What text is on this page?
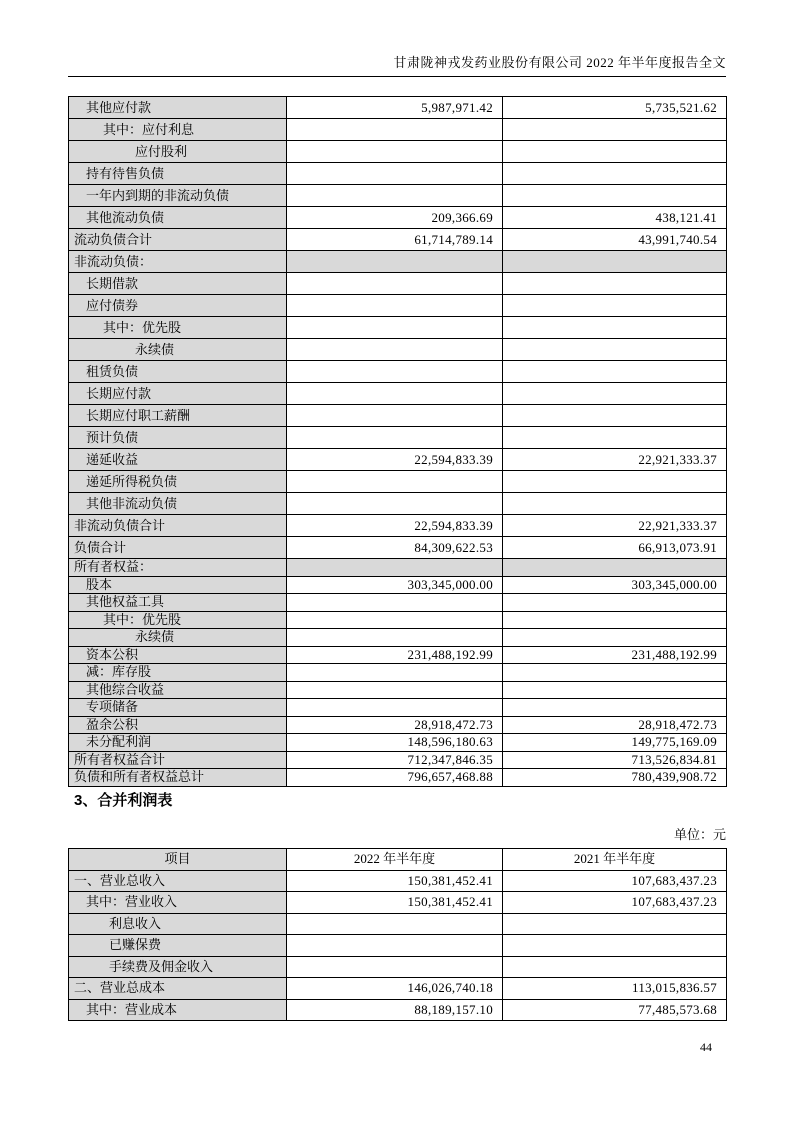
甘肃陇神戎发药业股份有限公司 2022 年半年度报告全文
其他应付款	5,987,971.42	5,735,521.62
其中：应付利息		
应付股利		
持有待售负债		
一年内到期的非流动负债		
其他流动负债	209,366.69	438,121.41
流动负债合计	61,714,789.14	43,991,740.54
非流动负债：		
长期借款		
应付债券		
其中：优先股		
永续债		
租赁负债		
长期应付款		
长期应付职工薪酬		
预计负债		
递延收益	22,594,833.39	22,921,333.37
递延所得税负债		
其他非流动负债		
非流动负债合计	22,594,833.39	22,921,333.37
负债合计	84,309,622.53	66,913,073.91
所有者权益：		
股本	303,345,000.00	303,345,000.00
其他权益工具		
其中：优先股		
永续债		
资本公积	231,488,192.99	231,488,192.99
减：库存股		
其他综合收益		
专项储备		
盈余公积	28,918,472.73	28,918,472.73
未分配利润	148,596,180.63	149,775,169.09
所有者权益合计	712,347,846.35	713,526,834.81
负债和所有者权益总计	796,657,468.88	780,439,908.72
3、合并利润表
单位：元
项目	2022 年半年度	2021 年半年度
一、营业总收入	150,381,452.41	107,683,437.23
其中：营业收入	150,381,452.41	107,683,437.23
利息收入		
已赚保费		
手续费及佣金收入		
二、营业总成本	146,026,740.18	113,015,836.57
其中：营业成本	88,189,157.10	77,485,573.68
44
